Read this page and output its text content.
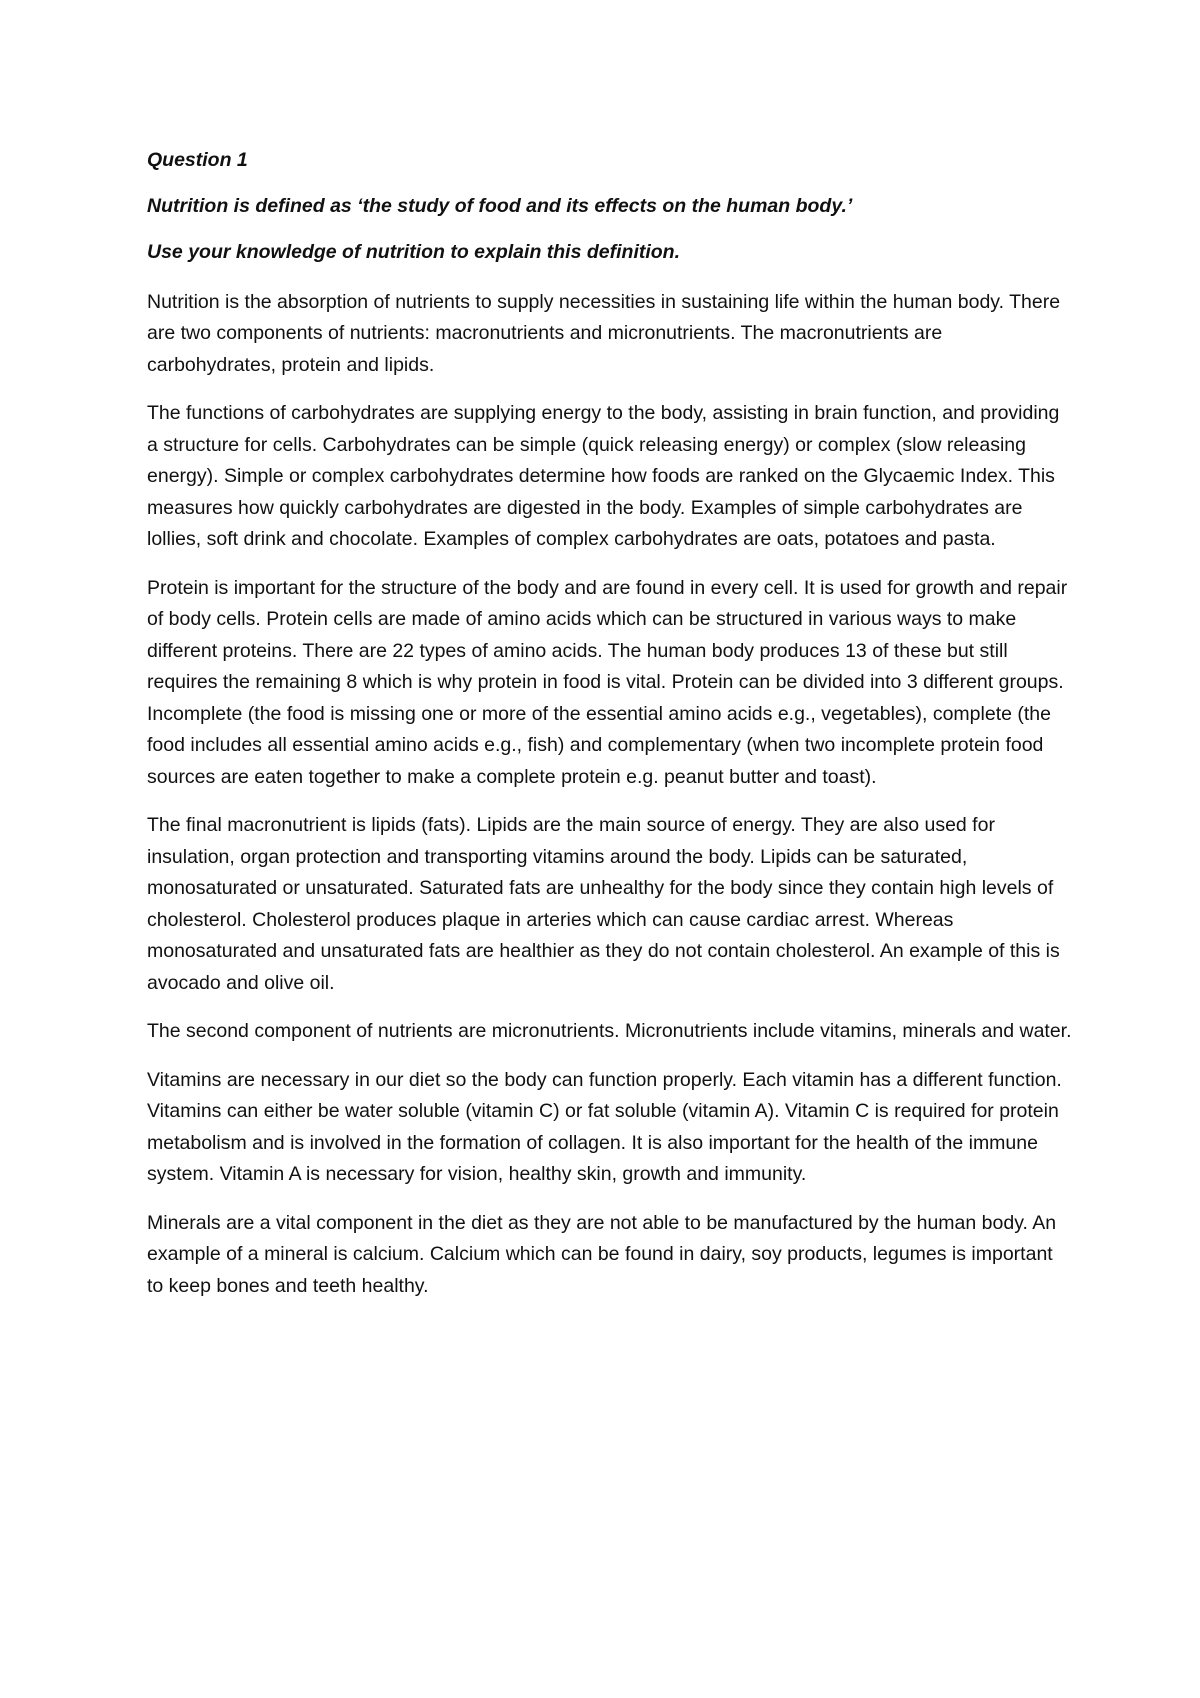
Question 1

Nutrition is defined as ‘the study of food and its effects on the human body.’

Use your knowledge of nutrition to explain this definition.

Nutrition is the absorption of nutrients to supply necessities in sustaining life within the human body. There are two components of nutrients: macronutrients and micronutrients. The macronutrients are carbohydrates, protein and lipids.

The functions of carbohydrates are supplying energy to the body, assisting in brain function, and providing a structure for cells. Carbohydrates can be simple (quick releasing energy) or complex (slow releasing energy). Simple or complex carbohydrates determine how foods are ranked on the Glycaemic Index. This measures how quickly carbohydrates are digested in the body. Examples of simple carbohydrates are lollies, soft drink and chocolate. Examples of complex carbohydrates are oats, potatoes and pasta.

Protein is important for the structure of the body and are found in every cell. It is used for growth and repair of body cells. Protein cells are made of amino acids which can be structured in various ways to make different proteins. There are 22 types of amino acids. The human body produces 13 of these but still requires the remaining 8 which is why protein in food is vital. Protein can be divided into 3 different groups. Incomplete (the food is missing one or more of the essential amino acids e.g., vegetables), complete (the food includes all essential amino acids e.g., fish) and complementary (when two incomplete protein food sources are eaten together to make a complete protein e.g. peanut butter and toast).

The final macronutrient is lipids (fats). Lipids are the main source of energy. They are also used for insulation, organ protection and transporting vitamins around the body. Lipids can be saturated, monosaturated or unsaturated. Saturated fats are unhealthy for the body since they contain high levels of cholesterol. Cholesterol produces plaque in arteries which can cause cardiac arrest. Whereas monosaturated and unsaturated fats are healthier as they do not contain cholesterol. An example of this is avocado and olive oil.

The second component of nutrients are micronutrients. Micronutrients include vitamins, minerals and water.

Vitamins are necessary in our diet so the body can function properly. Each vitamin has a different function. Vitamins can either be water soluble (vitamin C) or fat soluble (vitamin A). Vitamin C is required for protein metabolism and is involved in the formation of collagen. It is also important for the health of the immune system. Vitamin A is necessary for vision, healthy skin, growth and immunity.

Minerals are a vital component in the diet as they are not able to be manufactured by the human body. An example of a mineral is calcium. Calcium which can be found in dairy, soy products, legumes is important to keep bones and teeth healthy.
